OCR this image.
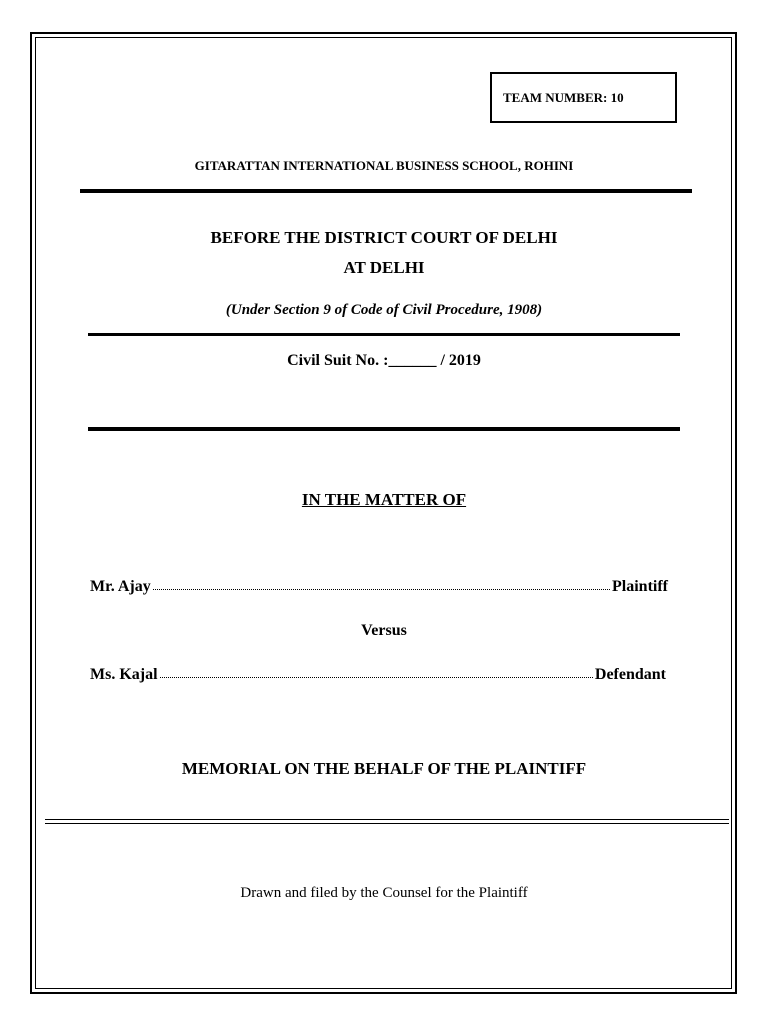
TEAM NUMBER: 10
GITARATTAN INTERNATIONAL BUSINESS SCHOOL, ROHINI
BEFORE THE DISTRICT COURT OF DELHI
AT DELHI
(Under Section 9 of Code of Civil Procedure, 1908)
Civil Suit No. :______ / 2019
IN THE MATTER OF
Mr. Ajay	Plaintiff
Versus
Ms. Kajal	Defendant
MEMORIAL ON THE BEHALF OF THE PLAINTIFF
Drawn and filed by the Counsel for the Plaintiff
